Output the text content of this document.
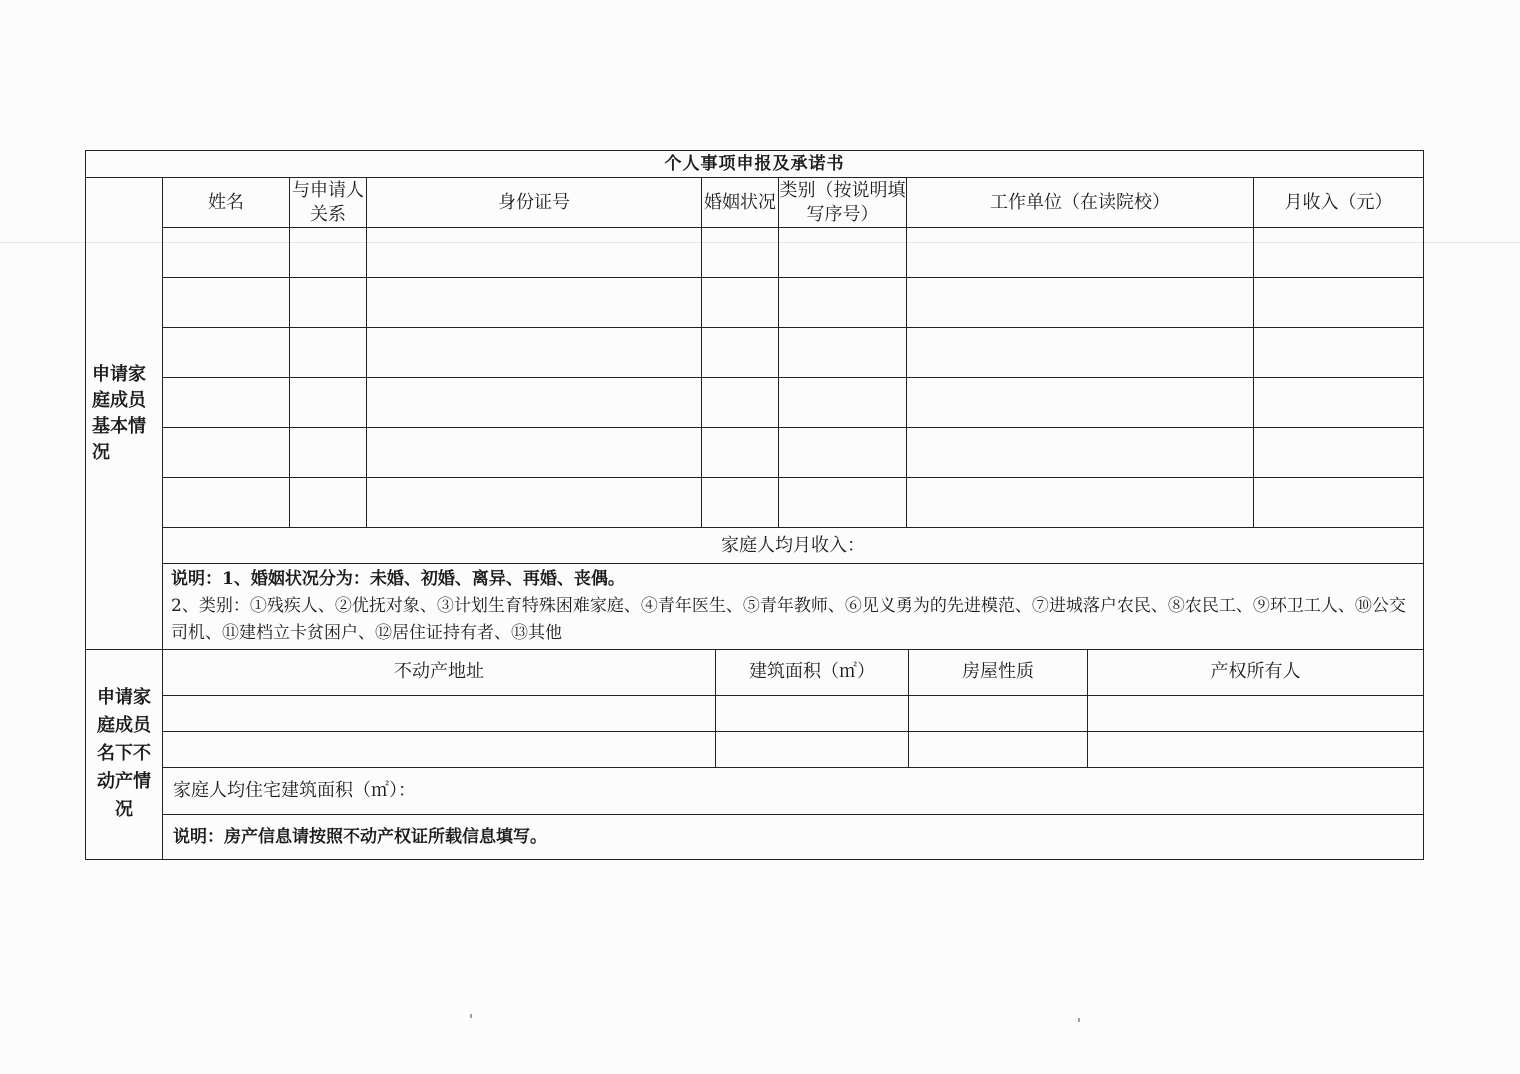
个人事项申报及承诺书							
申请家庭成员基本情况	姓名	与申请人关系	身份证号	婚姻状况	类别（按说明填写序号）	工作单位（在读院校）	月收入（元）

	家庭人均月收入：						

	说明：1、婚姻状况分为：未婚、初婚、离异、再婚、丧偶。
2、类别：①残疾人、②优抚对象、③计划生育特殊困难家庭、④青年医生、⑤青年教师、⑥见义勇为的先进模范、⑦进城落户农民、⑧农民工、⑨环卫工人、⑩公交司机、⑪建档立卡贫困户、⑫居住证持有者、⑬其他						
申请家庭成员名下不动产情况	不动产地址	建筑面积（㎡）	房屋性质	产权所有人

	家庭人均住宅建筑面积（㎡）：			
	说明：房产信息请按照不动产权证所载信息填写。			
